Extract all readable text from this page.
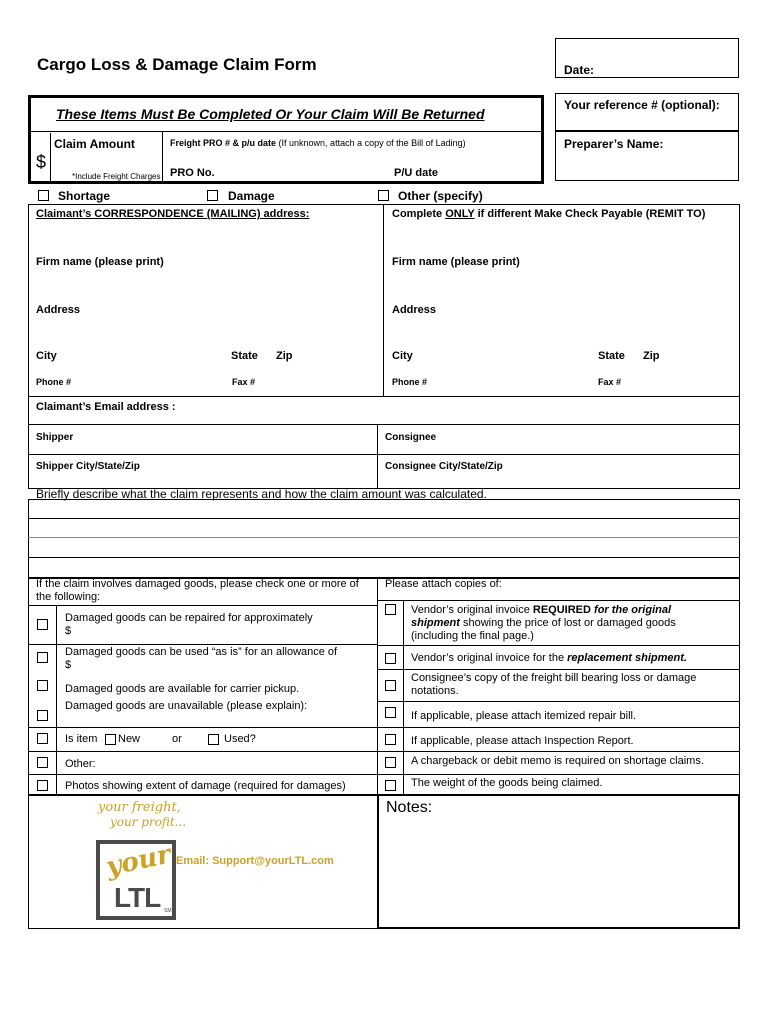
Cargo Loss & Damage Claim Form	Date:
Your reference # (optional):
Preparer’s Name:
These Items Must Be Completed Or Your Claim Will Be Returned
Claim Amount
$
*Include Freight Charges
Freight PRO # & p/u date (If unknown, attach a copy of the Bill of Lading)
PRO No.	P/U date
Shortage	Damage	Other (specify)
Claimant’s CORRESPONDENCE (MAILING) address:
Firm name (please print)
Address
City	State Zip
Phone #	Fax #
Complete ONLY if different Make Check Payable (REMIT TO)
Firm name (please print)
Address
City	State Zip
Phone #	Fax #
Claimant’s Email address :
Shipper	Consignee
Shipper City/State/Zip	Consignee City/State/Zip
Briefly describe what the claim represents and how the claim amount was calculated.
If the claim involves damaged goods, please check one or more of the following:
Damaged goods can be repaired for approximately
$
Damaged goods can be used “as is” for an allowance of
$
Damaged goods are available for carrier pickup.
Damaged goods are unavailable (please explain):
Is item New	or	Used?
Other:
Photos showing extent of damage (required for damages)
Please attach copies of:
Vendor’s original invoice REQUIRED for the original
shipment showing the price of lost or damaged goods
(including the final page.)
Vendor’s original invoice for the replacement shipment.
Consignee’s copy of the freight bill bearing loss or damage notations.
If applicable, please attach itemized repair bill.
If applicable, please attach Inspection Report.
A chargeback or debit memo is required on shortage claims.
The weight of the goods being claimed.
Notes:
your freight,
your profit...
your
LTL SM
Email: Support@yourLTL.com
